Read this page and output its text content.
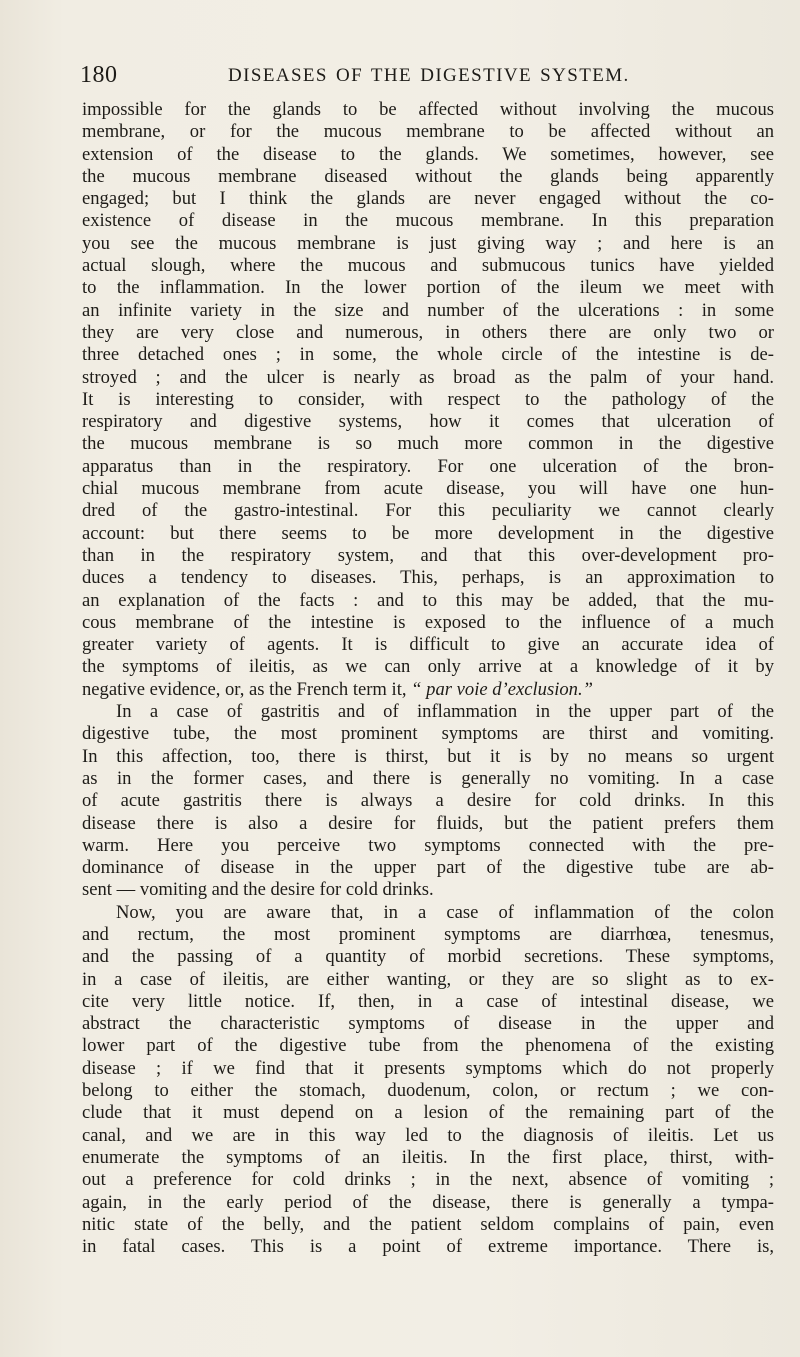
180	DISEASES OF THE DIGESTIVE SYSTEM.
impossible for the glands to be affected without involving the mucous
membrane, or for the mucous membrane to be affected without an
extension of the disease to the glands. We sometimes, however, see
the mucous membrane diseased without the glands being apparently
engaged; but I think the glands are never engaged without the co-
existence of disease in the mucous membrane. In this preparation
you see the mucous membrane is just giving way ; and here is an
actual slough, where the mucous and submucous tunics have yielded
to the inflammation. In the lower portion of the ileum we meet with
an infinite variety in the size and number of the ulcerations : in some
they are very close and numerous, in others there are only two or
three detached ones ; in some, the whole circle of the intestine is de-
stroyed ; and the ulcer is nearly as broad as the palm of your hand.
It is interesting to consider, with respect to the pathology of the
respiratory and digestive systems, how it comes that ulceration of
the mucous membrane is so much more common in the digestive
apparatus than in the respiratory. For one ulceration of the bron-
chial mucous membrane from acute disease, you will have one hun-
dred of the gastro-intestinal. For this peculiarity we cannot clearly
account: but there seems to be more development in the digestive
than in the respiratory system, and that this over-development pro-
duces a tendency to diseases. This, perhaps, is an approximation to
an explanation of the facts : and to this may be added, that the mu-
cous membrane of the intestine is exposed to the influence of a much
greater variety of agents. It is difficult to give an accurate idea of
the symptoms of ileitis, as we can only arrive at a knowledge of it by
negative evidence, or, as the French term it, “ par voie d’exclusion.”
In a case of gastritis and of inflammation in the upper part of the
digestive tube, the most prominent symptoms are thirst and vomiting.
In this affection, too, there is thirst, but it is by no means so urgent
as in the former cases, and there is generally no vomiting. In a case
of acute gastritis there is always a desire for cold drinks. In this
disease there is also a desire for fluids, but the patient prefers them
warm. Here you perceive two symptoms connected with the pre-
dominance of disease in the upper part of the digestive tube are ab-
sent — vomiting and the desire for cold drinks.
Now, you are aware that, in a case of inflammation of the colon
and rectum, the most prominent symptoms are diarrhœa, tenesmus,
and the passing of a quantity of morbid secretions. These symptoms,
in a case of ileitis, are either wanting, or they are so slight as to ex-
cite very little notice. If, then, in a case of intestinal disease, we
abstract the characteristic symptoms of disease in the upper and
lower part of the digestive tube from the phenomena of the existing
disease ; if we find that it presents symptoms which do not properly
belong to either the stomach, duodenum, colon, or rectum ; we con-
clude that it must depend on a lesion of the remaining part of the
canal, and we are in this way led to the diagnosis of ileitis. Let us
enumerate the symptoms of an ileitis. In the first place, thirst, with-
out a preference for cold drinks ; in the next, absence of vomiting ;
again, in the early period of the disease, there is generally a tympa-
nitic state of the belly, and the patient seldom complains of pain, even
in fatal cases. This is a point of extreme importance. There is,
